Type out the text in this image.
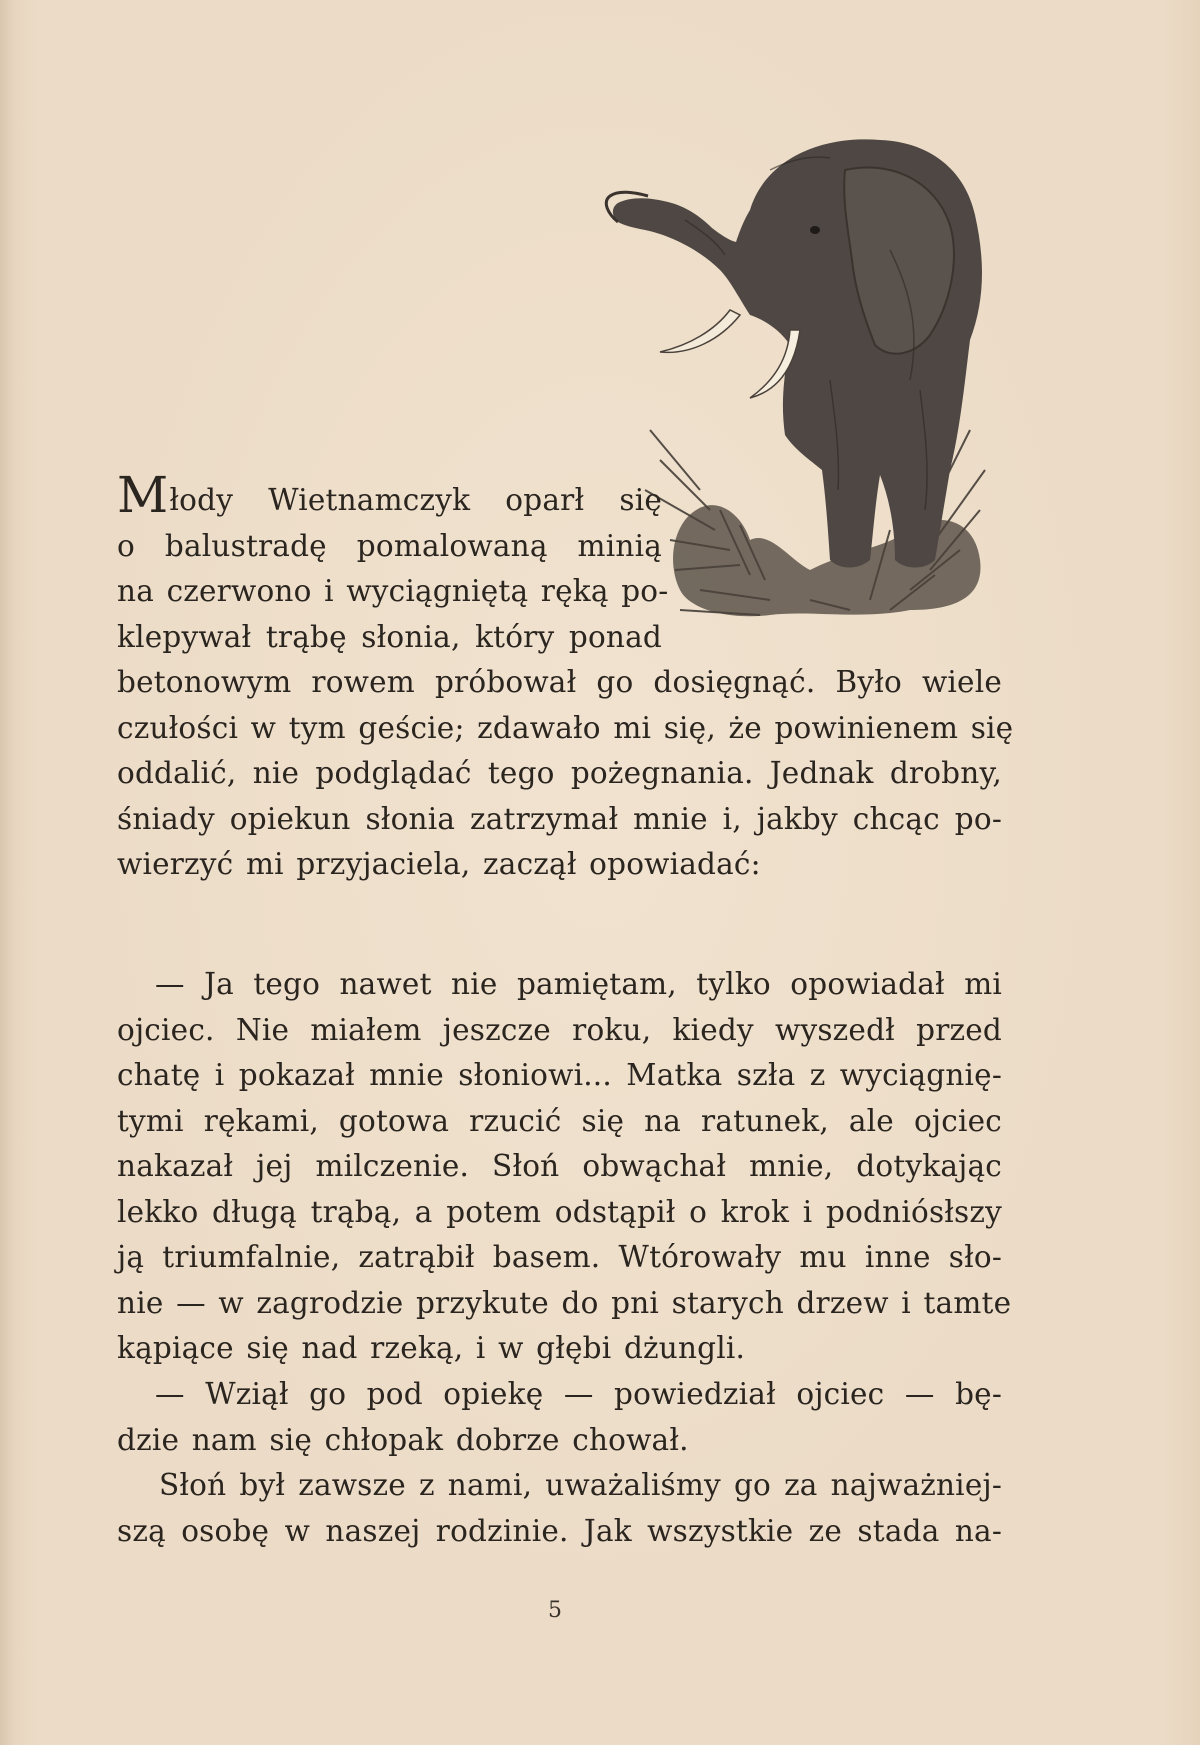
Młody Wietnamczyk oparł się
o balustradę pomalowaną minią
na czerwono i wyciągniętą ręką po-
klepywał trąbę słonia, który ponad
betonowym rowem próbował go dosięgnąć. Było wiele
czułości w tym geście; zdawało mi się, że powinienem się
oddalić, nie podglądać tego pożegnania. Jednak drobny,
śniady opiekun słonia zatrzymał mnie i, jakby chcąc po-
wierzyć mi przyjaciela, zaczął opowiadać:
— Ja tego nawet nie pamiętam, tylko opowiadał mi
ojciec. Nie miałem jeszcze roku, kiedy wyszedł przed
chatę i pokazał mnie słoniowi... Matka szła z wyciągnię-
tymi rękami, gotowa rzucić się na ratunek, ale ojciec
nakazał jej milczenie. Słoń obwąchał mnie, dotykając
lekko długą trąbą, a potem odstąpił o krok i podniósłszy
ją triumfalnie, zatrąbił basem. Wtórowały mu inne sło-
nie — w zagrodzie przykute do pni starych drzew i tamte
kąpiące się nad rzeką, i w głębi dżungli.
— Wziął go pod opiekę — powiedział ojciec — bę-
dzie nam się chłopak dobrze chował.
Słoń był zawsze z nami, uważaliśmy go za najważniej-
szą osobę w naszej rodzinie. Jak wszystkie ze stada na-
5
